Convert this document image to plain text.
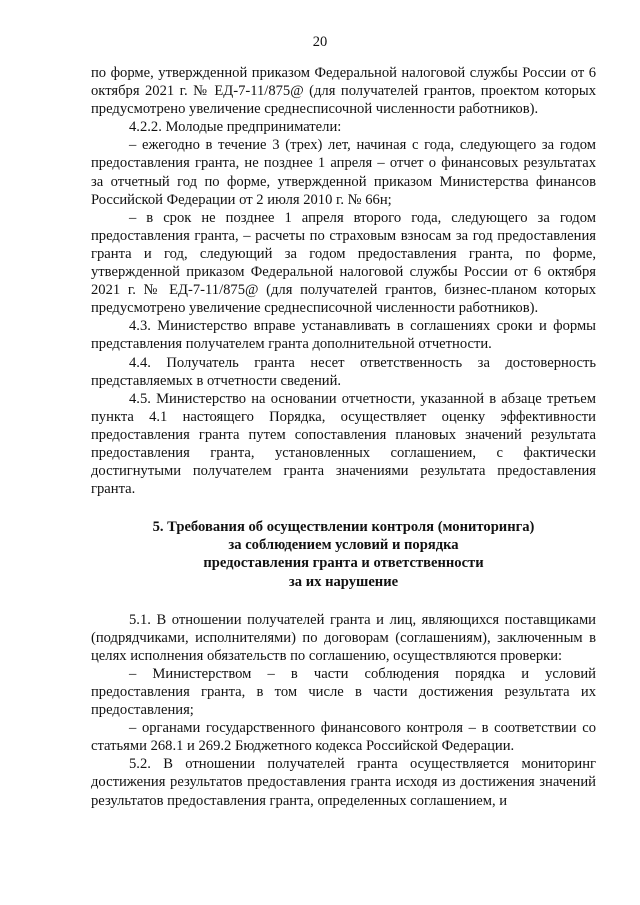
20

по форме, утвержденной приказом Федеральной налоговой службы России от 6 октября 2021 г. № ЕД-7-11/875@ (для получателей грантов, проектом которых предусмотрено увеличение среднесписочной численности работников).

4.2.2. Молодые предприниматели:

– ежегодно в течение 3 (трех) лет, начиная с года, следующего за годом предоставления гранта, не позднее 1 апреля – отчет о финансовых результатах за отчетный год по форме, утвержденной приказом Министерства финансов Российской Федерации от 2 июля 2010 г. № 66н;

– в срок не позднее 1 апреля второго года, следующего за годом предоставления гранта, – расчеты по страховым взносам за год предоставления гранта и год, следующий за годом предоставления гранта, по форме, утвержденной приказом Федеральной налоговой службы России от 6 октября 2021 г. № ЕД-7-11/875@ (для получателей грантов, бизнес-планом которых предусмотрено увеличение среднесписочной численности работников).

4.3. Министерство вправе устанавливать в соглашениях сроки и формы представления получателем гранта дополнительной отчетности.

4.4. Получатель гранта несет ответственность за достоверность представляемых в отчетности сведений.

4.5. Министерство на основании отчетности, указанной в абзаце третьем пункта 4.1 настоящего Порядка, осуществляет оценку эффективности предоставления гранта путем сопоставления плановых значений результата предоставления гранта, установленных соглашением, с фактически достигнутыми получателем гранта значениями результата предоставления гранта.

5. Требования об осуществлении контроля (мониторинга)
за соблюдением условий и порядка
предоставления гранта и ответственности
за их нарушение

5.1. В отношении получателей гранта и лиц, являющихся поставщиками (подрядчиками, исполнителями) по договорам (соглашениям), заключенным в целях исполнения обязательств по соглашению, осуществляются проверки:

– Министерством – в части соблюдения порядка и условий предоставления гранта, в том числе в части достижения результата их предоставления;

– органами государственного финансового контроля – в соответствии со статьями 268.1 и 269.2 Бюджетного кодекса Российской Федерации.

5.2. В отношении получателей гранта осуществляется мониторинг достижения результатов предоставления гранта исходя из достижения значений результатов предоставления гранта, определенных соглашением, и
